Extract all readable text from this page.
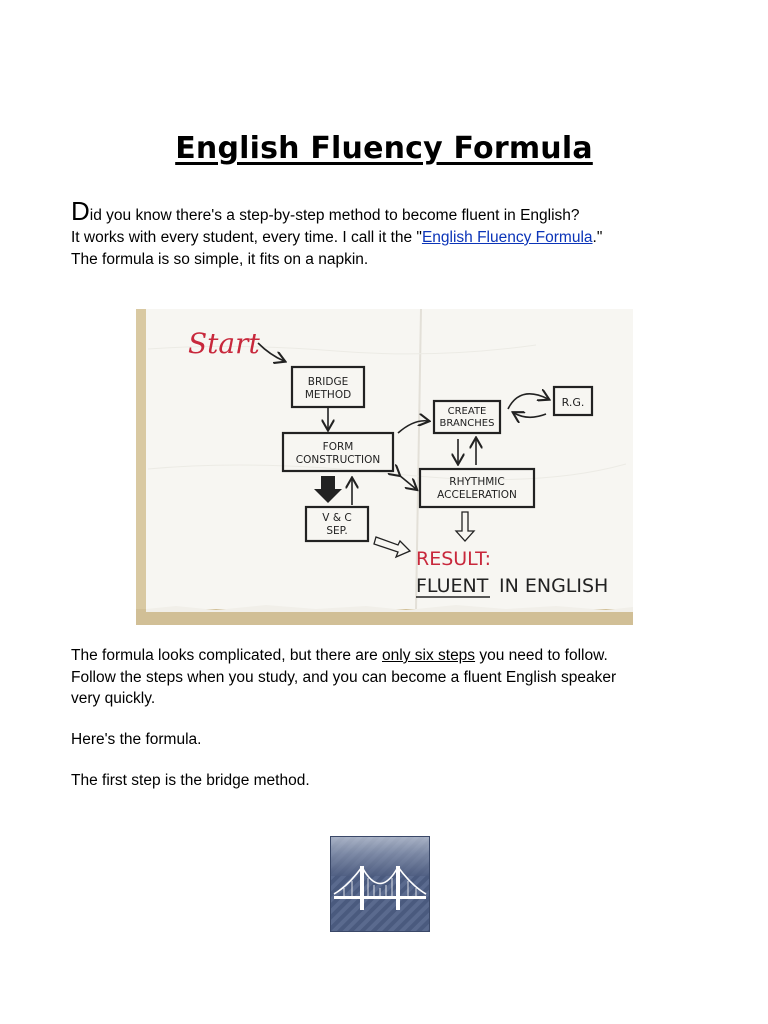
English Fluency Formula
Did you know there's a step-by-step method to become fluent in English?
It works with every student, every time. I call it the "English Fluency Formula."
The formula is so simple, it fits on a napkin.
Start
BRIDGE
METHOD
FORM
CONSTRUCTION
V & C
SEP.
CREATE
BRANCHES
R.G.
RHYTHMIC
ACCELERATION
RESULT:
FLUENT IN ENGLISH
The formula looks complicated, but there are only six steps you need to follow.
Follow the steps when you study, and you can become a fluent English speaker
very quickly.
Here's the formula.
The first step is the bridge method.
